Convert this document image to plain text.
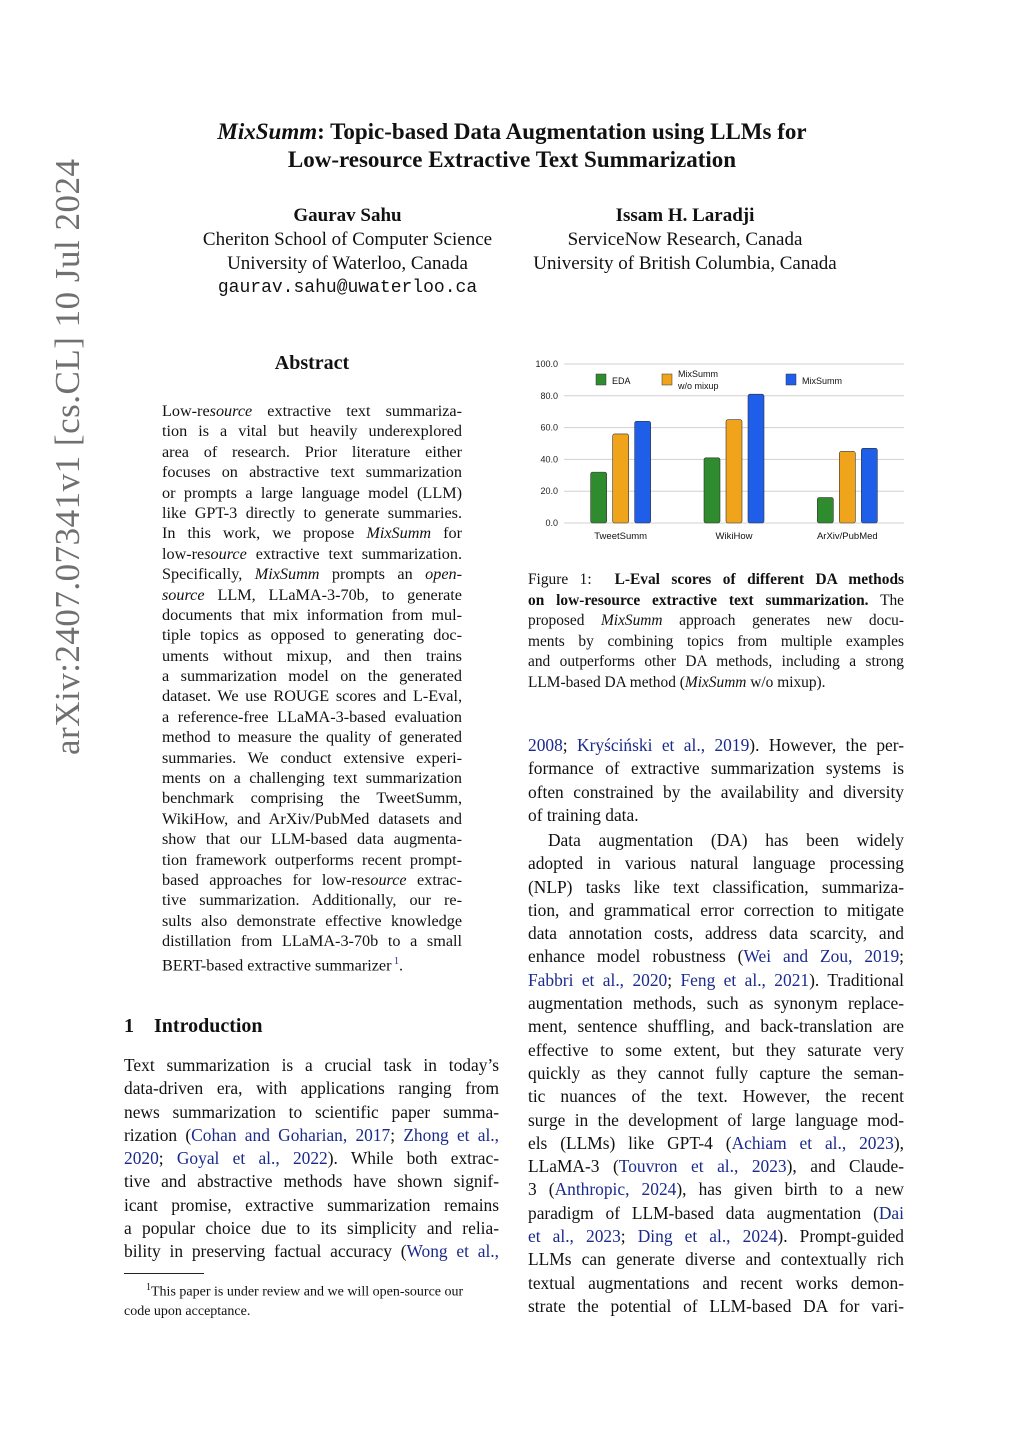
MixSumm: Topic-based Data Augmentation using LLMs for
Low-resource Extractive Text Summarization
Gaurav Sahu
Cheriton School of Computer Science
University of Waterloo, Canada
gaurav.sahu@uwaterloo.ca
Issam H. Laradji
ServiceNow Research, Canada
University of British Columbia, Canada
arXiv:2407.07341v1 [cs.CL] 10 Jul 2024	Abstract
Low-resource extractive text summariza-
tion is a vital but heavily underexplored
area of research. Prior literature either
focuses on abstractive text summarization
or prompts a large language model (LLM)
like GPT-3 directly to generate summaries.
In this work, we propose MixSumm for
low-resource extractive text summarization.
Specifically, MixSumm prompts an open-
source LLM, LLaMA-3-70b, to generate
documents that mix information from mul-
tiple topics as opposed to generating doc-
uments without mixup, and then trains
a summarization model on the generated
dataset. We use ROUGE scores and L-Eval,
a reference-free LLaMA-3-based evaluation
method to measure the quality of generated
summaries. We conduct extensive experi-
ments on a challenging text summarization
benchmark comprising the TweetSumm,
WikiHow, and ArXiv/PubMed datasets and
show that our LLM-based data augmenta-
tion framework outperforms recent prompt-
based approaches for low-resource extrac-
tive summarization. Additionally, our re-
sults also demonstrate effective knowledge
distillation from LLaMA-3-70b to a small
BERT-based extractive summarizer $^1$.
1 Introduction
Text summarization is a crucial task in today’s
data-driven era, with applications ranging from
news summarization to scientific paper summa-
rization (Cohan and Goharian, 2017; Zhong et al.,
2020; Goyal et al., 2022). While both extrac-
tive and abstractive methods have shown signif-
icant promise, extractive summarization remains
a popular choice due to its simplicity and relia-
bility in preserving factual accuracy (Wong et al.,
$^1$This paper is under review and we will open-source our
code upon acceptance.
0.0
20.0
40.0
60.0
80.0
100.0
TweetSumm	WikiHow	ArXiv/PubMed
EDA
MixSumm
w/o mixup	MixSumm
Figure 1: L-Eval scores of different DA methods
on low-resource extractive text summarization. The
proposed MixSumm approach generates new docu-
ments by combining topics from multiple examples
and outperforms other DA methods, including a strong
LLM-based DA method (MixSumm w/o mixup).
2008; Kryściński et al., 2019). However, the per-
formance of extractive summarization systems is
often constrained by the availability and diversity
of training data.
Data augmentation (DA) has been widely
adopted in various natural language processing
(NLP) tasks like text classification, summariza-
tion, and grammatical error correction to mitigate
data annotation costs, address data scarcity, and
enhance model robustness (Wei and Zou, 2019;
Fabbri et al., 2020; Feng et al., 2021). Traditional
augmentation methods, such as synonym replace-
ment, sentence shuffling, and back-translation are
effective to some extent, but they saturate very
quickly as they cannot fully capture the seman-
tic nuances of the text. However, the recent
surge in the development of large language mod-
els (LLMs) like GPT-4 (Achiam et al., 2023),
LLaMA-3 (Touvron et al., 2023), and Claude-
3 (Anthropic, 2024), has given birth to a new
paradigm of LLM-based data augmentation (Dai
et al., 2023; Ding et al., 2024). Prompt-guided
LLMs can generate diverse and contextually rich
textual augmentations and recent works demon-
strate the potential of LLM-based DA for vari-
